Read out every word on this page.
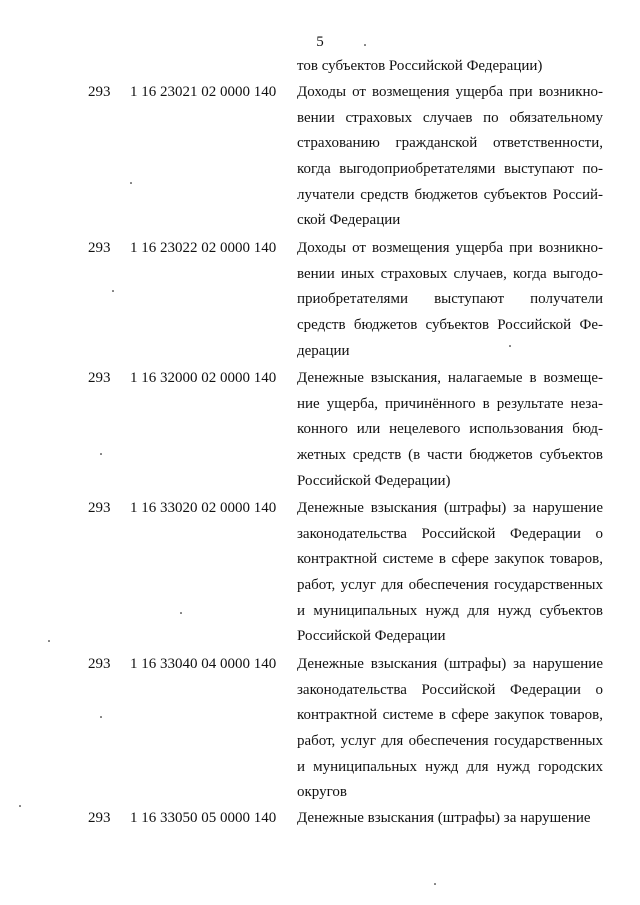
5
тов субъектов Российской Федерации)
293 1 16 23021 02 0000 140 Доходы от возмещения ущерба при возникно-
вении страховых случаев по обязательному
страхованию гражданской ответственности,
когда выгодоприобретателями выступают по-
лучатели средств бюджетов субъектов Россий-
ской Федерации
293 1 16 23022 02 0000 140 Доходы от возмещения ущерба при возникно-
вении иных страховых случаев, когда выгодо-
приобретателями выступают получатели
средств бюджетов субъектов Российской Фе-
дерации
293 1 16 32000 02 0000 140 Денежные взыскания, налагаемые в возмеще-
ние ущерба, причинённого в результате неза-
конного или нецелевого использования бюд-
жетных средств (в части бюджетов субъектов
Российской Федерации)
293 1 16 33020 02 0000 140 Денежные взыскания (штрафы) за нарушение
законодательства Российской Федерации о
контрактной системе в сфере закупок товаров,
работ, услуг для обеспечения государственных
и муниципальных нужд для нужд субъектов
Российской Федерации
293 1 16 33040 04 0000 140 Денежные взыскания (штрафы) за нарушение
законодательства Российской Федерации о
контрактной системе в сфере закупок товаров,
работ, услуг для обеспечения государственных
и муниципальных нужд для нужд городских
округов
293 1 16 33050 05 0000 140 Денежные взыскания (штрафы) за нарушение
